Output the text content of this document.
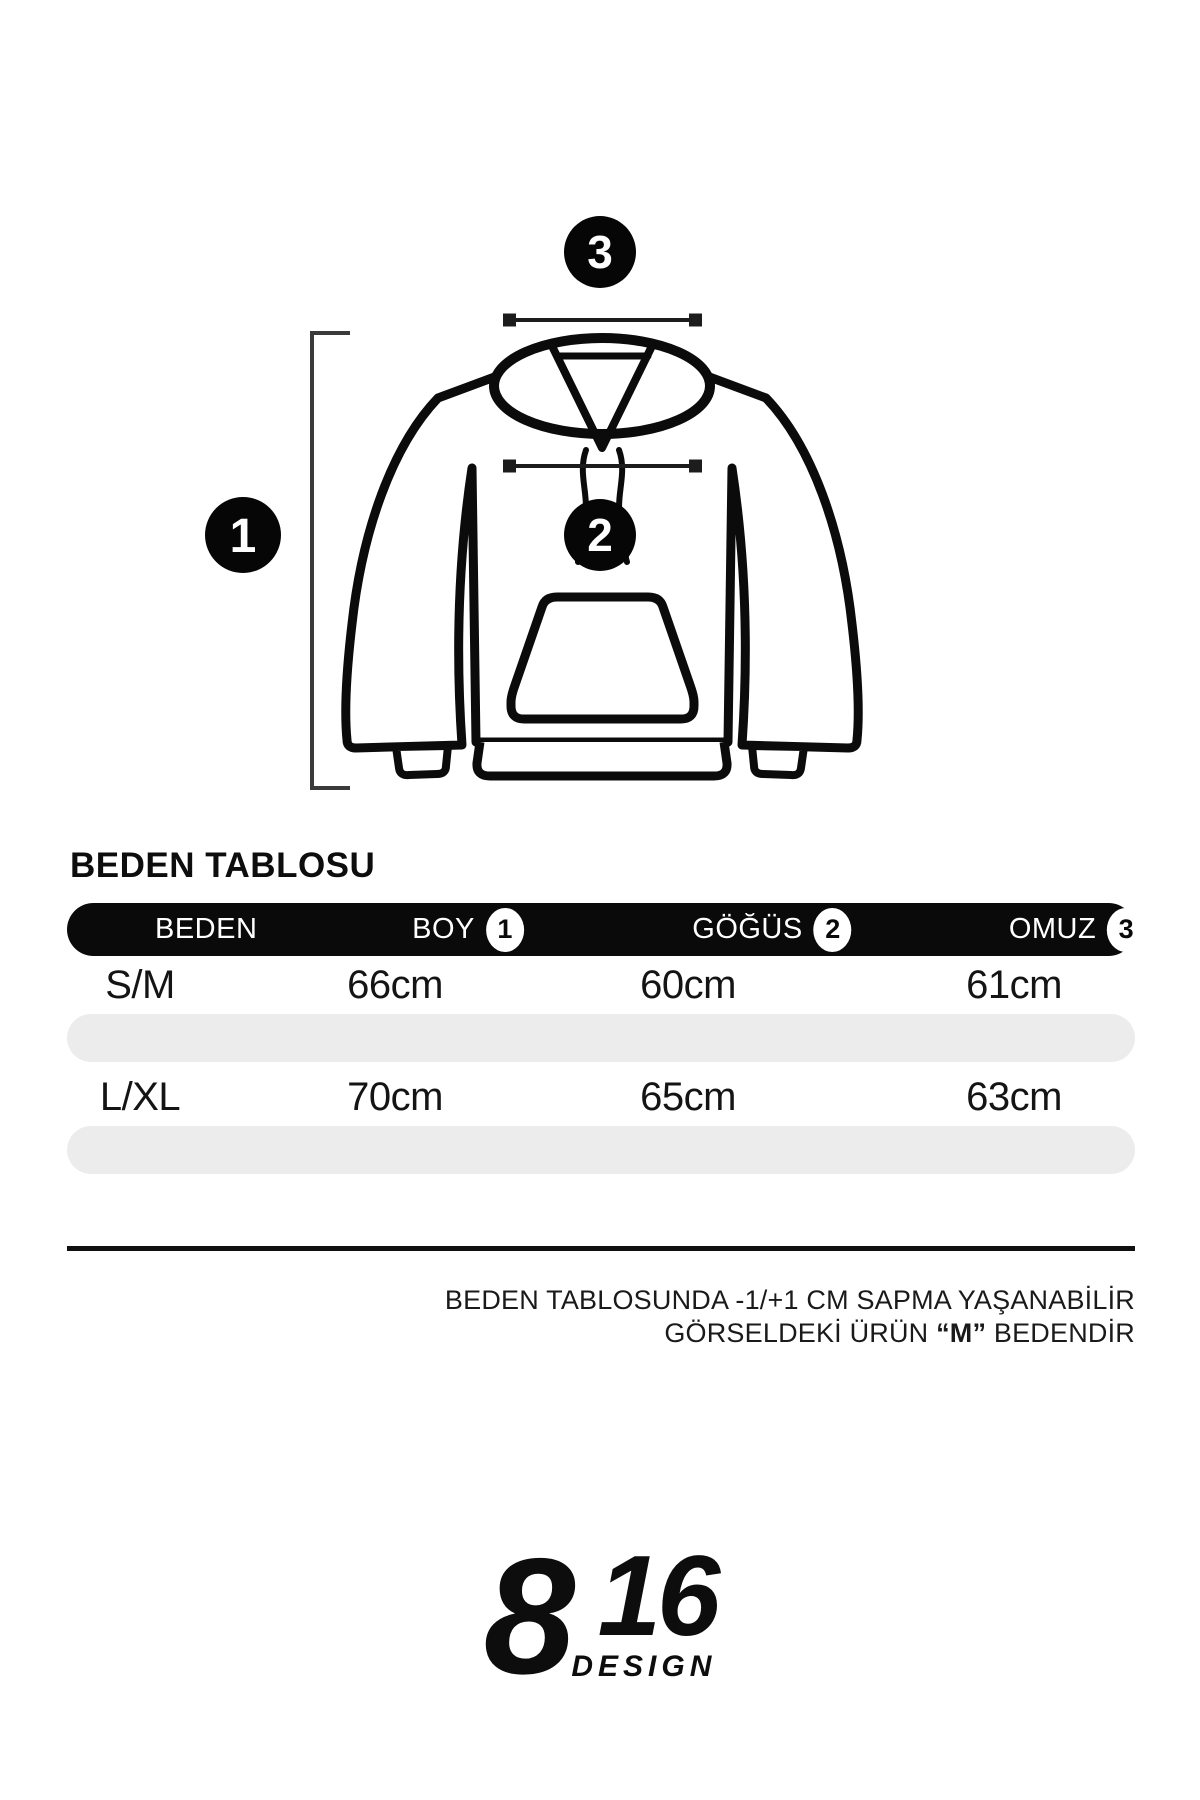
1	2
3
BEDEN TABLOSU
BEDEN	BOY 1	GÖĞÜS 2	OMUZ 3
S/M	66cm	60cm	61cm
L/XL	70cm	65cm	63cm
BEDEN TABLOSUNDA -1/+1 CM SAPMA YAŞANABİLİR
GÖRSELDEKİ ÜRÜN “M” BEDENDİR
8 16
DESIGN
